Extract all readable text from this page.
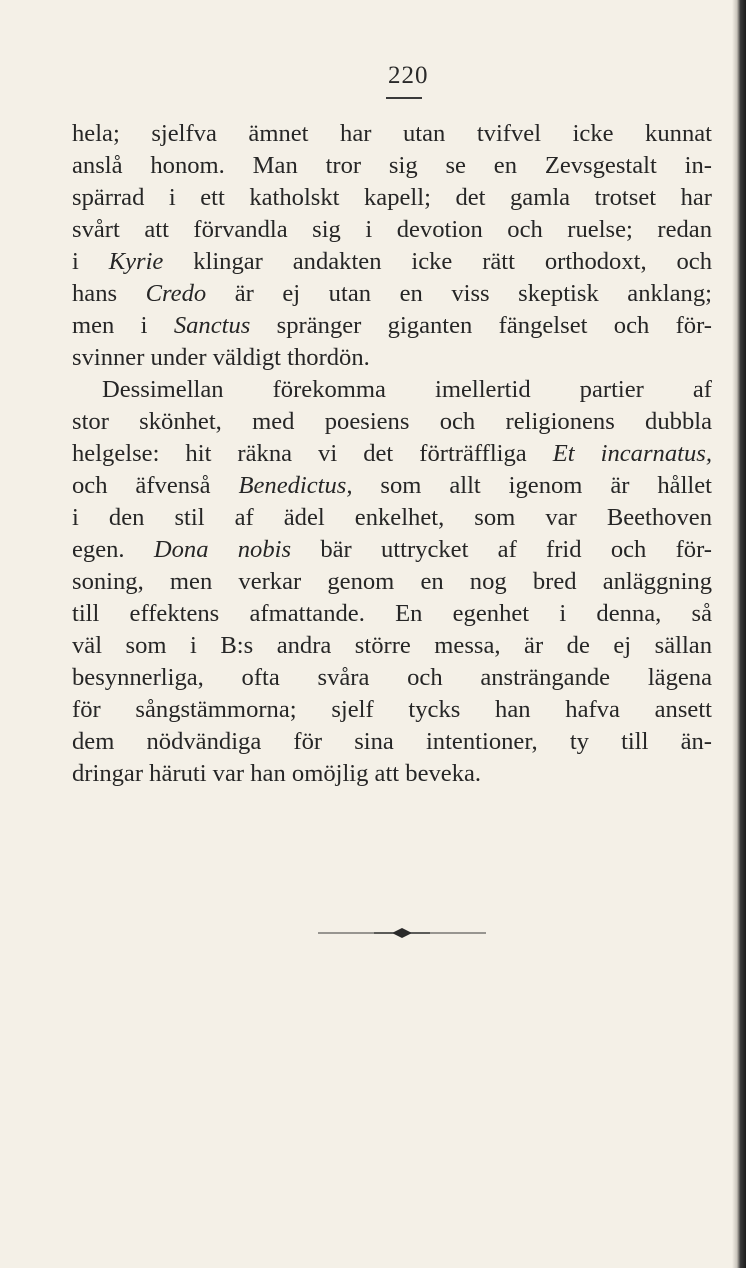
220
hela; sjelfva ämnet har utan tvifvel icke kunnat
anslå honom. Man tror sig se en Zevsgestalt in-
spärrad i ett katholskt kapell; det gamla trotset har
svårt att förvandla sig i devotion och ruelse; redan
i Kyrie klingar andakten icke rätt orthodoxt, och
hans Credo är ej utan en viss skeptisk anklang;
men i Sanctus spränger giganten fängelset och för-
svinner under väldigt thordön.
Dessimellan förekomma imellertid partier af
stor skönhet, med poesiens och religionens dubbla
helgelse: hit räkna vi det förträffliga Et incarnatus,
och äfvenså Benedictus, som allt igenom är hållet
i den stil af ädel enkelhet, som var Beethoven
egen. Dona nobis bär uttrycket af frid och för-
soning, men verkar genom en nog bred anläggning
till effektens afmattande. En egenhet i denna, så
väl som i B:s andra större messa, är de ej sällan
besynnerliga, ofta svåra och ansträngande lägena
för sångstämmorna; sjelf tycks han hafva ansett
dem nödvändiga för sina intentioner, ty till än-
dringar häruti var han omöjlig att beveka.
